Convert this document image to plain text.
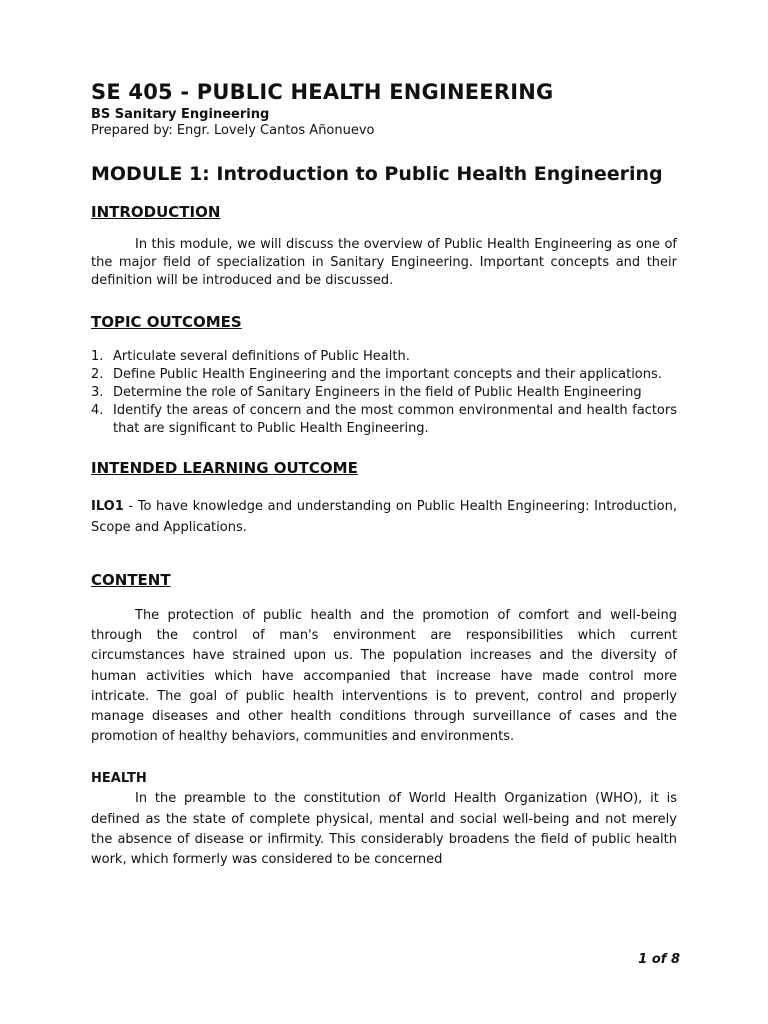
SE 405 - PUBLIC HEALTH ENGINEERING

BS Sanitary Engineering

Prepared by: Engr. Lovely Cantos Añonuevo

MODULE 1: Introduction to Public Health Engineering
INTRODUCTION

In this module, we will discuss the overview of Public Health Engineering as one of the major field of specialization in Sanitary Engineering. Important concepts and their definition will be introduced and be discussed.

TOPIC OUTCOMES
1. Articulate several definitions of Public Health.
2. Define Public Health Engineering and the important concepts and their applications.
3. Determine the role of Sanitary Engineers in the field of Public Health Engineering
4. Identify the areas of concern and the most common environmental and health factors that are significant to Public Health Engineering.
INTENDED LEARNING OUTCOME

ILO1 - To have knowledge and understanding on Public Health Engineering: Introduction, Scope and Applications.

CONTENT

The protection of public health and the promotion of comfort and well-being through the control of man's environment are responsibilities which current circumstances have strained upon us. The population increases and the diversity of human activities which have accompanied that increase have made control more intricate. The goal of public health interventions is to prevent, control and properly manage diseases and other health conditions through surveillance of cases and the promotion of healthy behaviors, communities and environments.

HEALTH

In the preamble to the constitution of World Health Organization (WHO), it is defined as the state of complete physical, mental and social well-being and not merely the absence of disease or infirmity. This considerably broadens the field of public health work, which formerly was considered to be concerned

1 of 8
